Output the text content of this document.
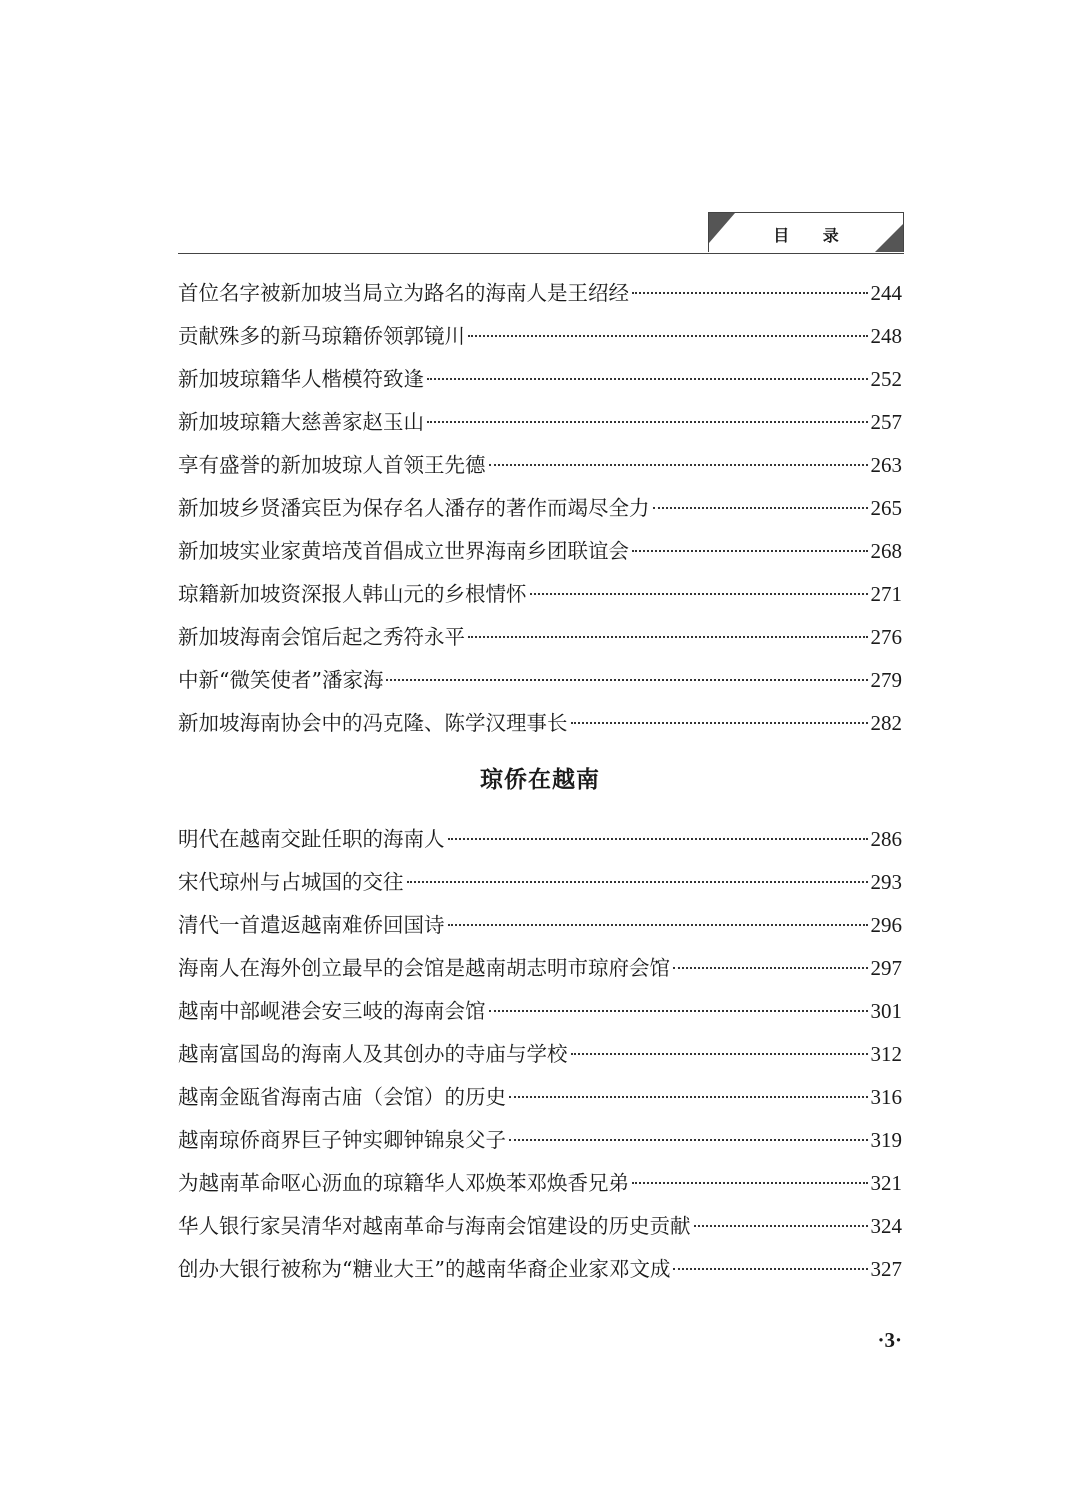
目 录
首位名字被新加坡当局立为路名的海南人是王绍经	244
贡献殊多的新马琼籍侨领郭镜川	248
新加坡琼籍华人楷模符致逢	252
新加坡琼籍大慈善家赵玉山	257
享有盛誉的新加坡琼人首领王先德	263
新加坡乡贤潘宾臣为保存名人潘存的著作而竭尽全力	265
新加坡实业家黄培茂首倡成立世界海南乡团联谊会	268
琼籍新加坡资深报人韩山元的乡根情怀	271
新加坡海南会馆后起之秀符永平	276
中新“微笑使者”潘家海	279
新加坡海南协会中的冯克隆、陈学汉理事长	282
琼侨在越南
明代在越南交趾任职的海南人	286
宋代琼州与占城国的交往	293
清代一首遣返越南难侨回国诗	296
海南人在海外创立最早的会馆是越南胡志明市琼府会馆	297
越南中部岘港会安三岐的海南会馆	301
越南富国岛的海南人及其创办的寺庙与学校	312
越南金瓯省海南古庙（会馆）的历史	316
越南琼侨商界巨子钟实卿钟锦泉父子	319
为越南革命呕心沥血的琼籍华人邓焕苯邓焕香兄弟	321
华人银行家吴清华对越南革命与海南会馆建设的历史贡献	324
创办大银行被称为“糖业大王”的越南华裔企业家邓文成	327
·3·
